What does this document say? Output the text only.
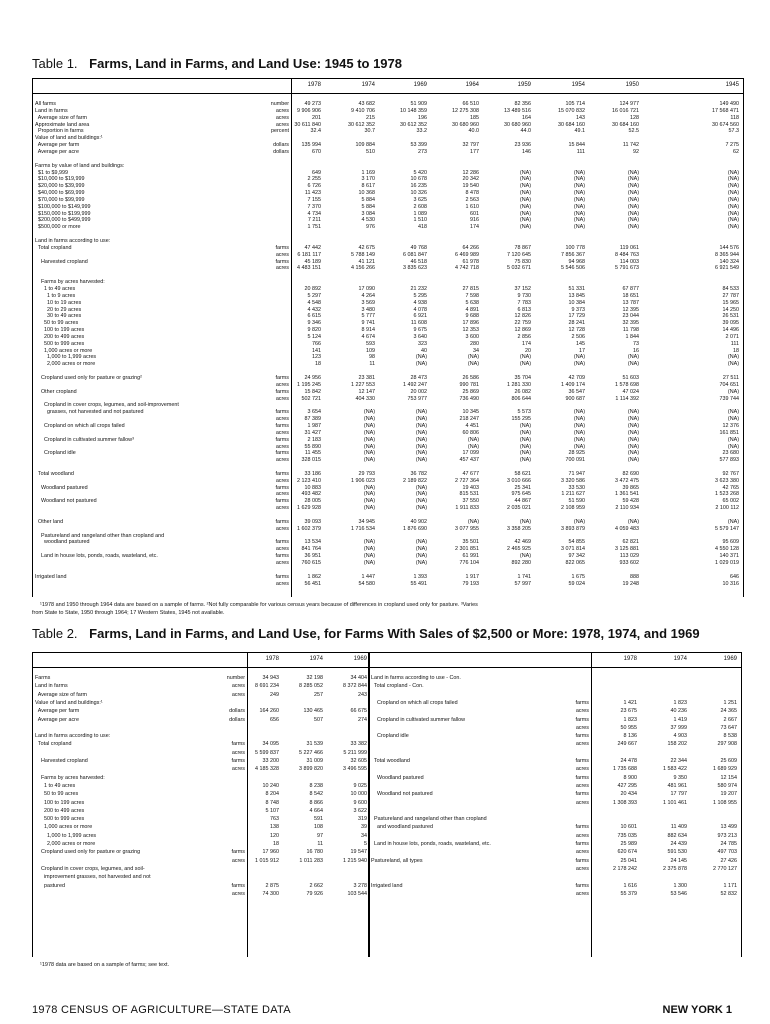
Table 1. Farms, Land in Farms, and Land Use: 1945 to 1978
1978	1974	1969	1964	1959	1954	1950	1945
All farms	number	49 273	43 682	51 909	66 510	82 356	105 714	124 977	149 490
Land in farms	acres	9 906 906	9 410 706	10 148 359	12 275 308	13 489 516	15 070 832	16 016 721	17 568 471
Average size of farm	acres	201	215	196	185	164	143	128	118
Approximate land area	acres	30 611 840	30 612 352	30 612 352	30 680 960	30 680 960	30 684 160	30 684 160	30 674 560
Proportion in farms	percent	32.4	30.7	33.2	40.0	44.0	49.1	52.5	57.3
Value of land and buildings:¹
Average per farm	dollars	135 994	109 884	53 399	32 797	23 936	15 844	11 742	7 275
Average per acre	dollars	670	510	273	177	146	111	92	62
Farms by value of land and buildings:
$1 to $9,999	649	1 169	5 420	12 286	(NA)	(NA)	(NA)	(NA)
$10,000 to $19,999	2 255	3 170	10 678	20 342	(NA)	(NA)	(NA)	(NA)
$20,000 to $39,999	6 726	8 617	16 235	19 540	(NA)	(NA)	(NA)	(NA)
$40,000 to $69,999	11 423	10 368	10 326	8 478	(NA)	(NA)	(NA)	(NA)
$70,000 to $99,999	7 155	5 884	3 625	2 563	(NA)	(NA)	(NA)	(NA)
$100,000 to $149,999	7 370	5 884	2 608	1 610	(NA)	(NA)	(NA)	(NA)
$150,000 to $199,999	4 734	3 084	1 089	601	(NA)	(NA)	(NA)	(NA)
$200,000 to $499,999	7 211	4 530	1 510	916	(NA)	(NA)	(NA)	(NA)
$500,000 or more	1 751	976	418	174	(NA)	(NA)	(NA)	(NA)
Land in farms according to use:
Total cropland	farms	47 442	42 675	49 768	64 266	78 867	100 778	119 061	144 576
acres	6 181 117	5 788 149	6 081 847	6 469 989	7 120 645	7 856 367	8 484 763	8 365 944
Harvested cropland	farms	45 189	41 121	46 518	61 978	75 830	94 968	114 003	140 324
acres	4 483 151	4 156 266	3 835 623	4 742 718	5 032 671	5 546 506	5 791 673	6 921 549
Farms by acres harvested:
1 to 49 acres	20 892	17 090	21 232	27 815	37 152	51 331	67 877	84 533
1 to 9 acres	5 297	4 264	5 295	7 598	9 730	13 845	18 651	27 787
10 to 19 acres	4 548	3 569	4 938	5 638	7 783	10 384	13 787	15 965
20 to 29 acres	4 432	3 480	4 078	4 891	6 813	9 373	12 395	14 250
30 to 49 acres	6 615	5 777	6 921	9 688	12 826	17 729	23 044	26 531
50 to 99 acres	9 346	9 741	11 608	17 896	22 759	28 241	32 395	39 095
100 to 199 acres	9 820	8 914	9 675	12 353	12 869	12 728	11 798	14 496
200 to 499 acres	5 124	4 674	3 640	3 600	2 856	2 506	1 844	2 071
500 to 999 acres	766	593	323	280	174	145	73	111
1,000 acres or more	141	109	40	34	20	17	16	18
1,000 to 1,999 acres	123	98	(NA)	(NA)	(NA)	(NA)	(NA)	(NA)
2,000 acres or more	18	11	(NA)	(NA)	(NA)	(NA)	(NA)	(NA)
Cropland used only for pasture or grazing²	farms	24 956	23 381	28 473	26 586	35 704	42 709	51 603	27 511
acres	1 195 245	1 227 553	1 492 247	990 781	1 281 330	1 409 174	1 578 698	704 651
Other cropland	farms	15 842	12 147	20 002	25 869	26 082	36 547	47 024	(NA)
acres	502 721	404 330	753 977	736 490	806 644	900 687	1 114 392	739 744
Cropland in cover crops, legumes, and soil-improvement
grasses, not harvested and not pastured	farms	3 654	(NA)	(NA)	10 345	5 573	(NA)	(NA)	(NA)
acres	87 389	(NA)	(NA)	218 247	155 295	(NA)	(NA)	(NA)
Cropland on which all crops failed	farms	1 987	(NA)	(NA)	4 451	(NA)	(NA)	(NA)	12 376
acres	31 427	(NA)	(NA)	60 806	(NA)	(NA)	(NA)	161 851
Cropland in cultivated summer fallow³	farms	2 183	(NA)	(NA)	(NA)	(NA)	(NA)	(NA)	(NA)
acres	55 890	(NA)	(NA)	(NA)	(NA)	(NA)	(NA)	(NA)
Cropland idle	farms	11 455	(NA)	(NA)	17 099	(NA)	28 925	(NA)	23 680
acres	328 015	(NA)	(NA)	457 437	(NA)	700 091	(NA)	577 893
Total woodland	farms	33 186	29 793	36 782	47 677	58 621	71 947	82 690	92 767
acres	2 123 410	1 906 023	2 189 822	2 727 364	3 010 666	3 320 586	3 472 475	3 623 380
Woodland pastured	farms	10 883	(NA)	(NA)	19 403	25 341	33 530	39 865	42 765
acres	493 482	(NA)	(NA)	815 531	975 645	1 211 627	1 361 541	1 523 268
Woodland not pastured	farms	28 005	(NA)	(NA)	37 550	44 867	51 590	59 428	65 002
acres	1 629 928	(NA)	(NA)	1 911 833	2 035 021	2 108 959	2 110 934	2 100 112
Other land	farms	39 093	34 945	40 902	(NA)	(NA)	(NA)	(NA)	(NA)
acres	1 602 379	1 716 534	1 876 690	3 077 955	3 358 205	3 893 879	4 059 483	5 579 147
Pastureland and rangeland other than cropland and
woodland pastured	farms	13 534	(NA)	(NA)	35 501	42 469	54 855	62 821	95 609
acres	841 764	(NA)	(NA)	2 301 851	2 465 925	3 071 814	3 125 881	4 550 128
Land in house lots, ponds, roads, wasteland, etc.	farms	36 951	(NA)	(NA)	61 991	(NA)	97 342	113 029	140 371
acres	760 615	(NA)	(NA)	776 104	892 280	822 065	933 602	1 029 019
Irrigated land	farms	1 862	1 447	1 393	1 917	1 741	1 675	888	646
acres	56 451	54 580	55 491	79 193	57 997	59 024	19 248	10 316
¹1978 and 1950 through 1964 data are based on a sample of farms. ²Not fully comparable for various census years because of differences in cropland used only for pasture. ³Varies
from State to State, 1950 through 1964; 17 Western States, 1945 not available.
Table 2. Farms, Land in Farms, and Land Use, for Farms With Sales of $2,500 or More: 1978, 1974, and 1969
1978	1974	1969
Farms	number	34 943	32 198	34 404
Land in farms	acres	8 691 234	8 285 052	8 372 844
Average size of farm	acres	249	257	243
Value of land and buildings:¹
Average per farm	dollars	164 260	130 465	66 675
Average per acre	dollars	656	507	274
Land in farms according to use:
Total cropland	farms	34 095	31 539	33 382
acres	5 599 837	5 227 466	5 211 999
Harvested cropland	farms	33 200	31 009	32 605
acres	4 185 328	3 899 820	3 496 595
Farms by acres harvested:
1 to 49 acres	10 240	8 238	9 025
50 to 99 acres	8 204	8 542	10 000
100 to 199 acres	8 748	8 866	9 600
200 to 499 acres	5 107	4 664	3 622
500 to 999 acres	763	591	319
1,000 acres or more	138	108	39
1,000 to 1,999 acres	120	97	34
2,000 acres or more	18	11	5
Cropland used only for pasture or grazing	farms	17 960	16 780	19 547
acres	1 015 912	1 011 283	1 215 940
Cropland in cover crops, legumes, and soil-
improvement grasses, not harvested and not
pastured	farms	2 875	2 662	3 278
acres	74 300	79 926	103 544
1978	1974	1969
Land in farms according to use - Con.
Total cropland - Con.
Cropland on which all crops failed	farms	1 421	1 823	1 251
acres	23 675	40 236	24 365
Cropland in cultivated summer fallow	farms	1 823	1 419	2 667
acres	50 955	37 999	73 647
Cropland idle	farms	8 136	4 903	8 538
acres	249 667	158 202	297 908
Total woodland	farms	24 478	22 344	25 609
acres	1 735 688	1 583 422	1 689 929
Woodland pastured	farms	8 900	9 350	12 154
acres	427 295	481 961	580 974
Woodland not pastured	farms	20 434	17 797	19 207
acres	1 308 393	1 101 461	1 108 955
Pastureland and rangeland other than cropland
and woodland pastured	farms	10 601	11 409	13 499
acres	735 035	882 634	973 213
Land in house lots, ponds, roads, wasteland, etc.	farms	25 989	24 439	24 785
acres	620 674	591 530	497 703
Pastureland, all types	farms	25 041	24 145	27 426
acres	2 178 242	2 375 878	2 770 127
Irrigated land	farms	1 616	1 300	1 171
acres	55 379	53 546	52 832
¹1978 data are based on a sample of farms; see text.
1978 CENSUS OF AGRICULTURE—STATE DATA	NEW YORK 1
